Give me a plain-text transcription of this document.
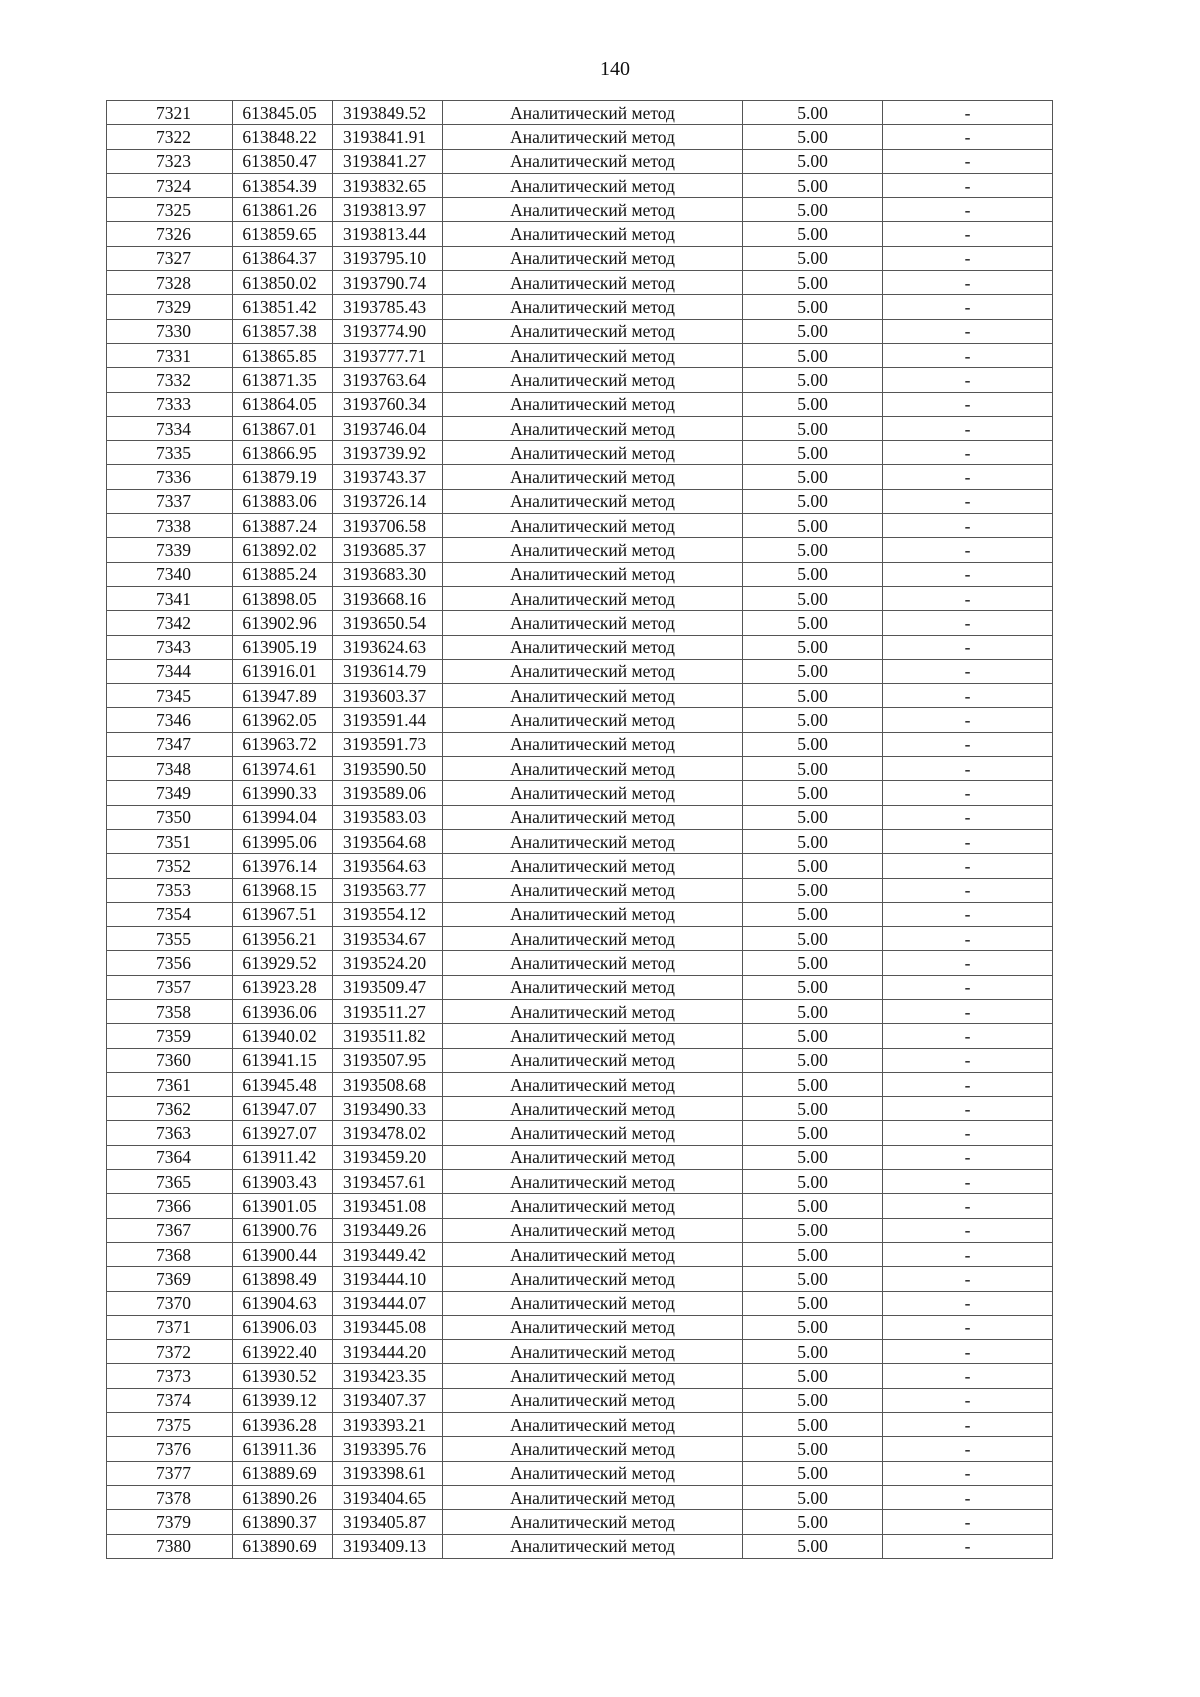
140
7321	613845.05	3193849.52	Аналитический метод	5.00	-
7322	613848.22	3193841.91	Аналитический метод	5.00	-
7323	613850.47	3193841.27	Аналитический метод	5.00	-
7324	613854.39	3193832.65	Аналитический метод	5.00	-
7325	613861.26	3193813.97	Аналитический метод	5.00	-
7326	613859.65	3193813.44	Аналитический метод	5.00	-
7327	613864.37	3193795.10	Аналитический метод	5.00	-
7328	613850.02	3193790.74	Аналитический метод	5.00	-
7329	613851.42	3193785.43	Аналитический метод	5.00	-
7330	613857.38	3193774.90	Аналитический метод	5.00	-
7331	613865.85	3193777.71	Аналитический метод	5.00	-
7332	613871.35	3193763.64	Аналитический метод	5.00	-
7333	613864.05	3193760.34	Аналитический метод	5.00	-
7334	613867.01	3193746.04	Аналитический метод	5.00	-
7335	613866.95	3193739.92	Аналитический метод	5.00	-
7336	613879.19	3193743.37	Аналитический метод	5.00	-
7337	613883.06	3193726.14	Аналитический метод	5.00	-
7338	613887.24	3193706.58	Аналитический метод	5.00	-
7339	613892.02	3193685.37	Аналитический метод	5.00	-
7340	613885.24	3193683.30	Аналитический метод	5.00	-
7341	613898.05	3193668.16	Аналитический метод	5.00	-
7342	613902.96	3193650.54	Аналитический метод	5.00	-
7343	613905.19	3193624.63	Аналитический метод	5.00	-
7344	613916.01	3193614.79	Аналитический метод	5.00	-
7345	613947.89	3193603.37	Аналитический метод	5.00	-
7346	613962.05	3193591.44	Аналитический метод	5.00	-
7347	613963.72	3193591.73	Аналитический метод	5.00	-
7348	613974.61	3193590.50	Аналитический метод	5.00	-
7349	613990.33	3193589.06	Аналитический метод	5.00	-
7350	613994.04	3193583.03	Аналитический метод	5.00	-
7351	613995.06	3193564.68	Аналитический метод	5.00	-
7352	613976.14	3193564.63	Аналитический метод	5.00	-
7353	613968.15	3193563.77	Аналитический метод	5.00	-
7354	613967.51	3193554.12	Аналитический метод	5.00	-
7355	613956.21	3193534.67	Аналитический метод	5.00	-
7356	613929.52	3193524.20	Аналитический метод	5.00	-
7357	613923.28	3193509.47	Аналитический метод	5.00	-
7358	613936.06	3193511.27	Аналитический метод	5.00	-
7359	613940.02	3193511.82	Аналитический метод	5.00	-
7360	613941.15	3193507.95	Аналитический метод	5.00	-
7361	613945.48	3193508.68	Аналитический метод	5.00	-
7362	613947.07	3193490.33	Аналитический метод	5.00	-
7363	613927.07	3193478.02	Аналитический метод	5.00	-
7364	613911.42	3193459.20	Аналитический метод	5.00	-
7365	613903.43	3193457.61	Аналитический метод	5.00	-
7366	613901.05	3193451.08	Аналитический метод	5.00	-
7367	613900.76	3193449.26	Аналитический метод	5.00	-
7368	613900.44	3193449.42	Аналитический метод	5.00	-
7369	613898.49	3193444.10	Аналитический метод	5.00	-
7370	613904.63	3193444.07	Аналитический метод	5.00	-
7371	613906.03	3193445.08	Аналитический метод	5.00	-
7372	613922.40	3193444.20	Аналитический метод	5.00	-
7373	613930.52	3193423.35	Аналитический метод	5.00	-
7374	613939.12	3193407.37	Аналитический метод	5.00	-
7375	613936.28	3193393.21	Аналитический метод	5.00	-
7376	613911.36	3193395.76	Аналитический метод	5.00	-
7377	613889.69	3193398.61	Аналитический метод	5.00	-
7378	613890.26	3193404.65	Аналитический метод	5.00	-
7379	613890.37	3193405.87	Аналитический метод	5.00	-
7380	613890.69	3193409.13	Аналитический метод	5.00	-
